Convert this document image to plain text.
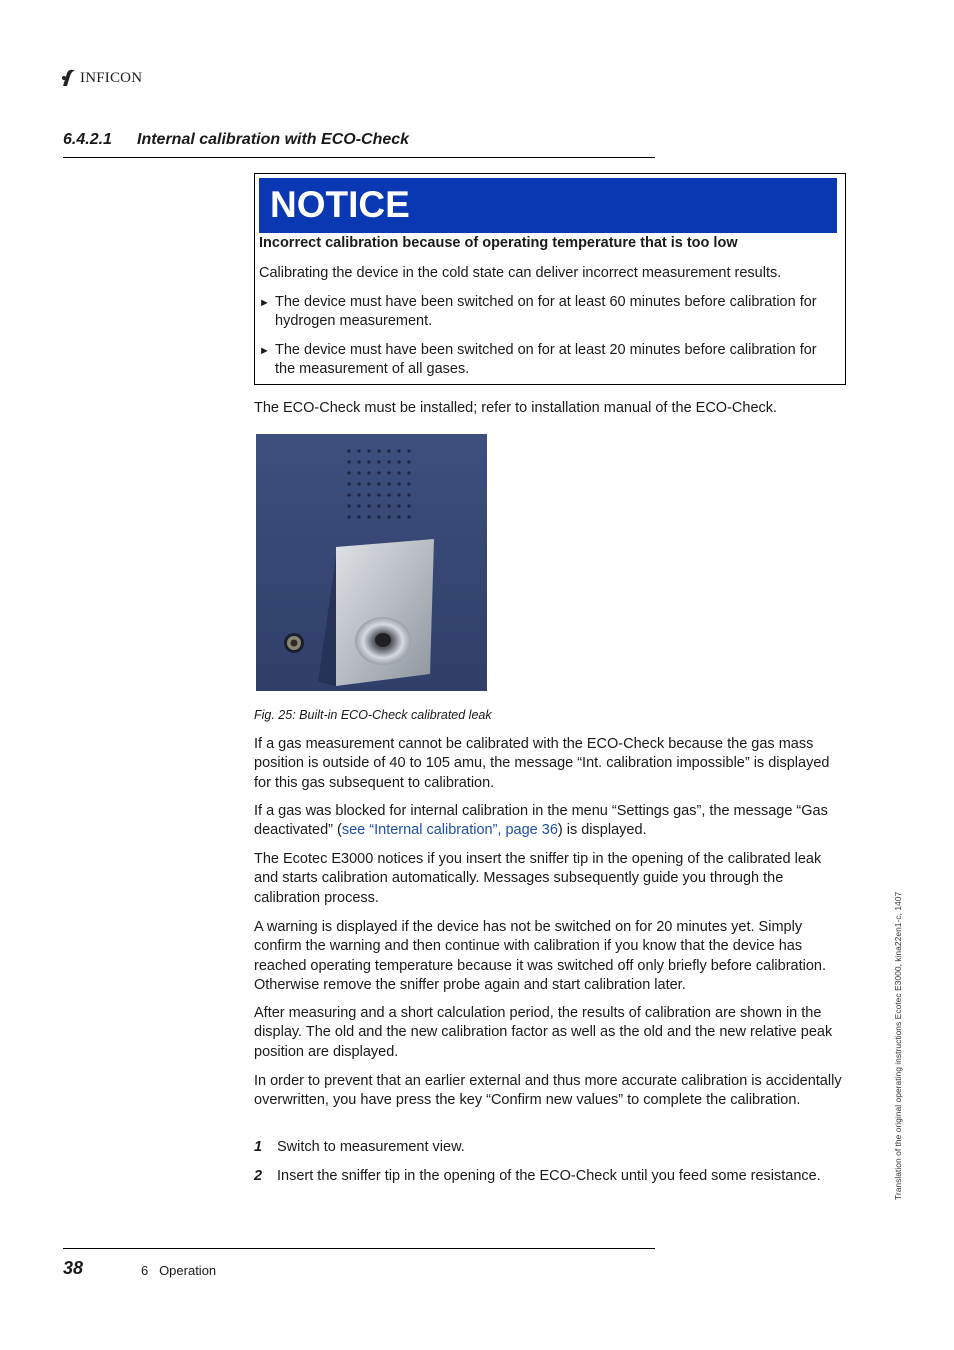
INFICON
6.4.2.1 Internal calibration with ECO-Check
NOTICE
Incorrect calibration because of operating temperature that is too low
Calibrating the device in the cold state can deliver incorrect measurement results.
► The device must have been switched on for at least 60 minutes before calibration for hydrogen measurement.
► The device must have been switched on for at least 20 minutes before calibration for the measurement of all gases.
The ECO-Check must be installed; refer to installation manual of the ECO-Check.
Fig. 25: Built-in ECO-Check calibrated leak
If a gas measurement cannot be calibrated with the ECO-Check because the gas mass position is outside of 40 to 105 amu, the message “Int. calibration impossible” is displayed for this gas subsequent to calibration.
If a gas was blocked for internal calibration in the menu “Settings gas”, the message “Gas deactivated” (see “Internal calibration”, page 36) is displayed.
The Ecotec E3000 notices if you insert the sniffer tip in the opening of the calibrated leak and starts calibration automatically. Messages subsequently guide you through the calibration process.
A warning is displayed if the device has not be switched on for 20 minutes yet. Simply confirm the warning and then continue with calibration if you know that the device has reached operating temperature because it was switched off only briefly before calibration. Otherwise remove the sniffer probe again and start calibration later.
After measuring and a short calculation period, the results of calibration are shown in the display. The old and the new calibration factor as well as the old and the new relative peak position are displayed.
In order to prevent that an earlier external and thus more accurate calibration is accidentally overwritten, you have press the key “Confirm new values” to complete the calibration.
1	Switch to measurement view.
2	Insert the sniffer tip in the opening of the ECO-Check until you feed some resistance.
38	6   Operation
Translation of the original operating instructions Ecotec E3000, kina22en1-c, 1407
